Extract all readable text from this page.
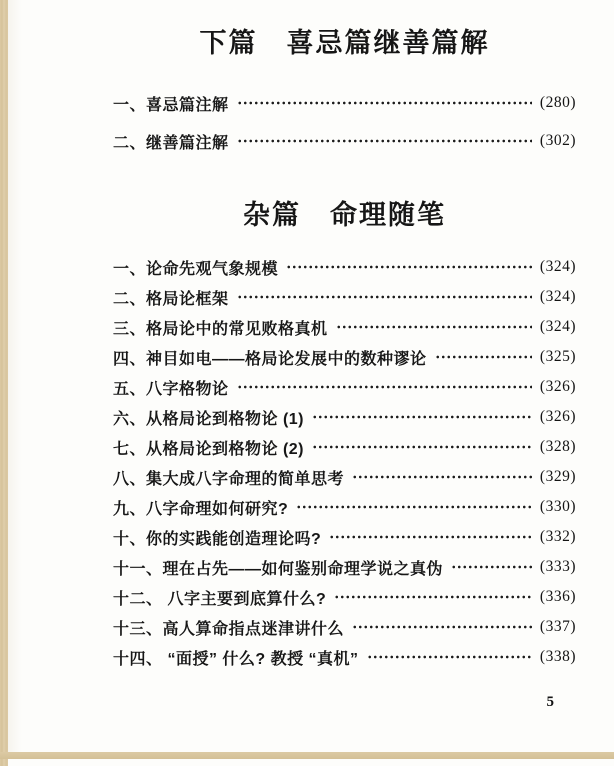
下篇　喜忌篇继善篇解
一、喜忌篇注解	(280)
二、继善篇注解	(302)
杂篇　命理随笔
一、论命先观气象规模	(324)
二、格局论框架	(324)
三、格局论中的常见败格真机	(324)
四、神目如电——格局论发展中的数种谬论	(325)
五、八字格物论	(326)
六、从格局论到格物论 (1)	(326)
七、从格局论到格物论 (2)	(328)
八、集大成八字命理的简单思考	(329)
九、八字命理如何研究?	(330)
十、你的实践能创造理论吗?	(332)
十一、理在占先——如何鉴别命理学说之真伪	(333)
十二、 八字主要到底算什么?	(336)
十三、高人算命指点迷津讲什么	(337)
十四、 “面授” 什么? 教授 “真机”	(338)
5
